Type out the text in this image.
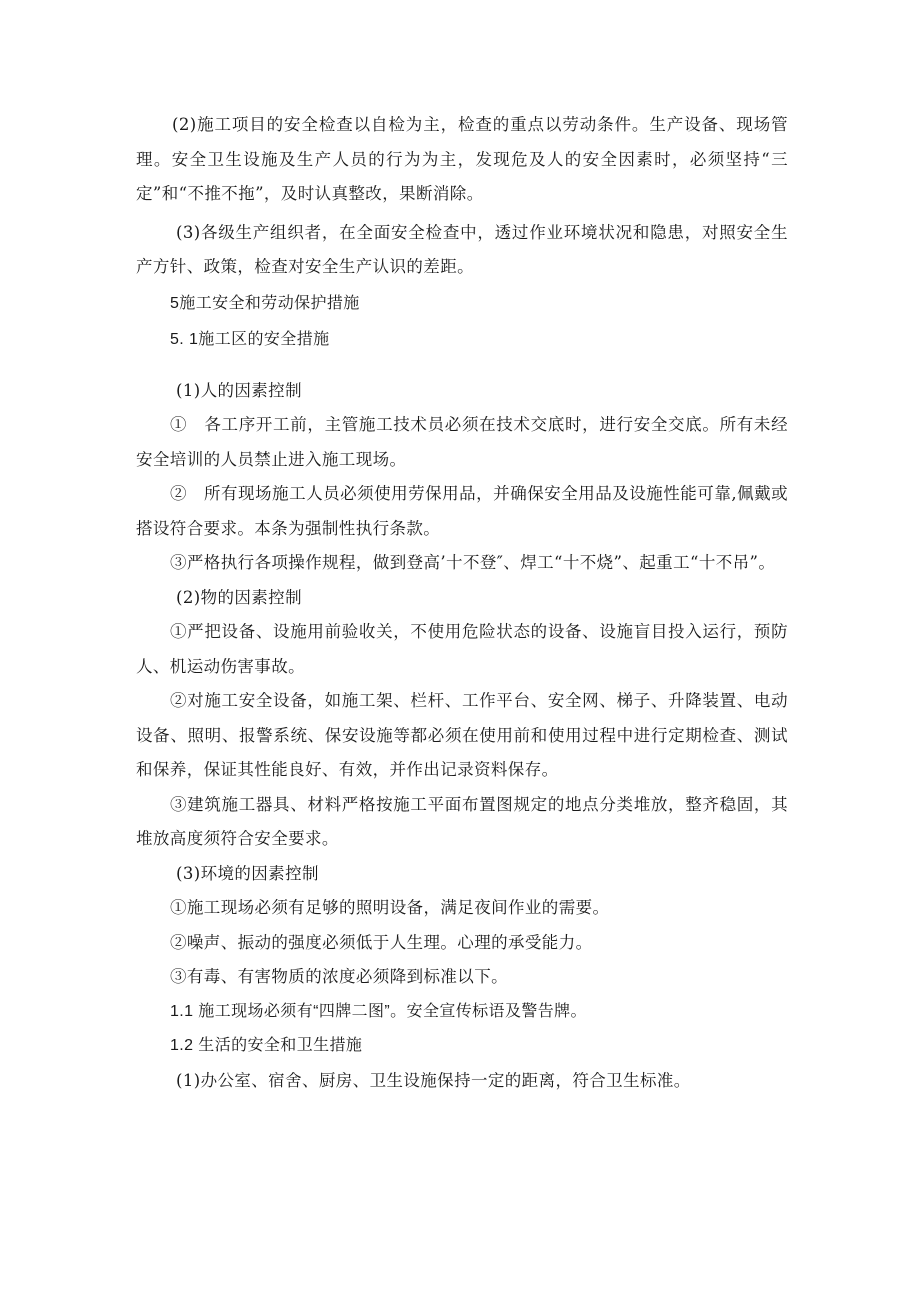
(2)施工项目的安全检查以自检为主，检查的重点以劳动条件。生产设备、现场管理。安全卫生设施及生产人员的行为为主，发现危及人的安全因素时，必须坚持“三定”和“不推不拖”，及时认真整改，果断消除。

(3)各级生产组织者，在全面安全检查中，透过作业环境状况和隐患，对照安全生产方针、政策，检查对安全生产认识的差距。

5施工安全和劳动保护措施

5. 1施工区的安全措施

(1)人的因素控制

①　各工序开工前，主管施工技术员必须在技术交底时，进行安全交底。所有未经安全培训的人员禁止进入施工现场。

②　所有现场施工人员必须使用劳保用品，并确保安全用品及设施性能可靠,佩戴或搭设符合要求。本条为强制性执行条款。

③严格执行各项操作规程，做到登高’十不登″、焊工“十不烧”、起重工“十不吊”。

(2)物的因素控制

①严把设备、设施用前验收关，不使用危险状态的设备、设施盲目投入运行，预防人、机运动伤害事故。

②对施工安全设备，如施工架、栏杆、工作平台、安全网、梯子、升降装置、电动设备、照明、报警系统、保安设施等都必须在使用前和使用过程中进行定期检查、测试和保养，保证其性能良好、有效，并作出记录资料保存。

③建筑施工器具、材料严格按施工平面布置图规定的地点分类堆放，整齐稳固，其堆放高度须符合安全要求。

(3)环境的因素控制

①施工现场必须有足够的照明设备，满足夜间作业的需要。

②噪声、振动的强度必须低于人生理。心理的承受能力。

③有毒、有害物质的浓度必须降到标准以下。

1.1 施工现场必须有“四牌二图”。安全宣传标语及警告牌。

1.2 生活的安全和卫生措施

(1)办公室、宿舍、厨房、卫生设施保持一定的距离，符合卫生标准。
